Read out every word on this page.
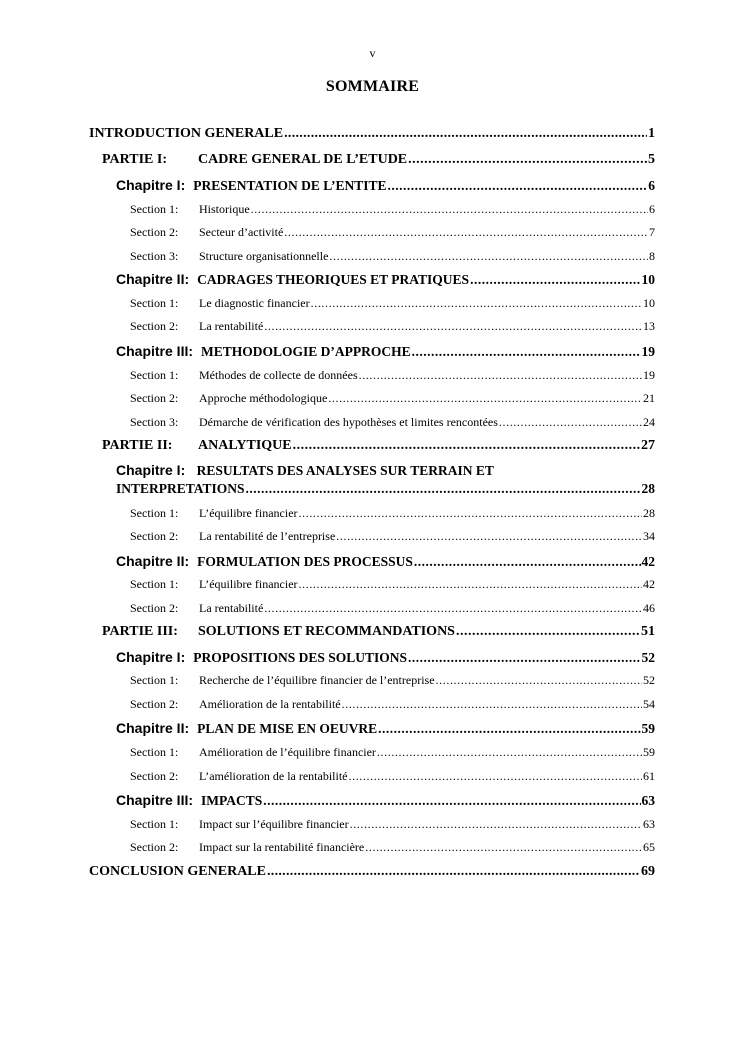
v
SOMMAIRE
INTRODUCTION GENERALE .....	1
PARTIE I:	CADRE GENERAL DE L’ETUDE .....	5
Chapitre I: PRESENTATION DE L’ENTITE .....	6
Section 1:	Historique .....	6
Section 2:	Secteur d’activité .....	7
Section 3:	Structure organisationnelle .....	8
Chapitre II: CADRAGES THEORIQUES ET PRATIQUES .....	10
Section 1:	Le diagnostic financier .....	10
Section 2:	La rentabilité .....	13
Chapitre III: METHODOLOGIE D’APPROCHE .....	19
Section 1:	Méthodes de collecte de données .....	19
Section 2:	Approche méthodologique .....	21
Section 3:	Démarche de vérification des hypothèses et limites rencontées .....	24
PARTIE II:	ANALYTIQUE .....	27
Chapitre I: RESULTATS DES ANALYSES SUR TERRAIN ET
INTERPRETATIONS .....	28
Section 1:	L’équilibre financier .....	28
Section 2:	La rentabilité de l’entreprise .....	34
Chapitre II: FORMULATION DES PROCESSUS .....	42
Section 1:	L’équilibre financier .....	42
Section 2:	La rentabilité .....	46
PARTIE III:	SOLUTIONS ET RECOMMANDATIONS .....	51
Chapitre I: PROPOSITIONS DES SOLUTIONS .....	52
Section 1:	Recherche de l’équilibre financier de l’entreprise .....	52
Section 2:	Amélioration de la rentabilité .....	54
Chapitre II: PLAN DE MISE EN OEUVRE .....	59
Section 1:	Amélioration de l’équilibre financier .....	59
Section 2:	L’amélioration de la rentabilité .....	61
Chapitre III: IMPACTS .....	63
Section 1:	Impact sur l’équilibre financier .....	63
Section 2:	Impact sur la rentabilité financière .....	65
CONCLUSION GENERALE .....	69
